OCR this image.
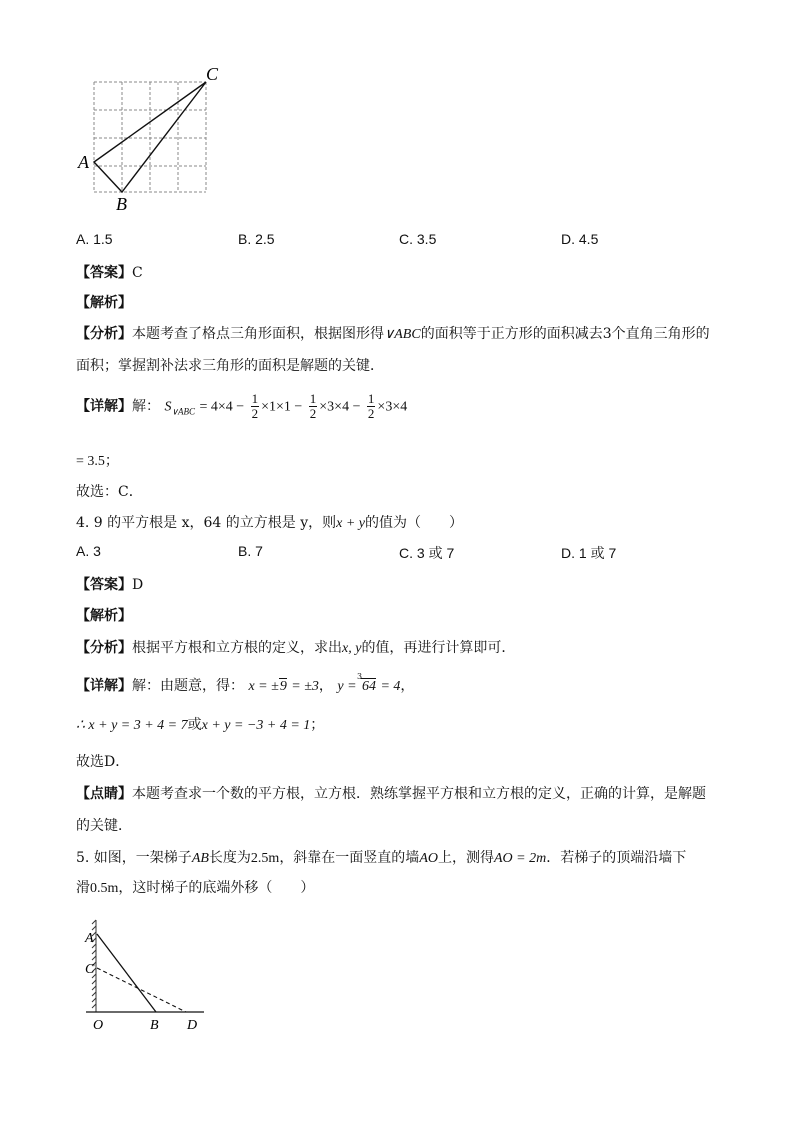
A
B
C
A. 1.5	B. 2.5	C. 3.5	D. 4.5
【答案】C
【解析】
【分析】本题考查了格点三角形面积，根据图形得∨ABC的面积等于正方形的面积减去3个直角三角形的
面积；掌握割补法求三角形的面积是解题的关键．
【详解】解： $S_{\vee ABC} = 4\times 4 - \frac{1}{2} \times 1\times 1 - \frac{1}{2} \times 3\times 4 - \frac{1}{2} \times 3\times 4$
= 3.5；
故选：C．
4. 9 的平方根是 x，64 的立方根是 y，则x + y的值为（　　）
A. 3	B. 7	C. 3 或 7	D. 1 或 7
【答案】D
【解析】
【分析】根据平方根和立方根的定义，求出x, y的值，再进行计算即可．
【详解】解：由题意，得： x = ±9 = ±3， y =
3
64 = 4，
∴ x + y = 3 + 4 = 7或x + y = −3 + 4 = 1；
故选D．
【点睛】本题考查求一个数的平方根，立方根．熟练掌握平方根和立方根的定义，正确的计算，是解题
的关键．
5. 如图，一架梯子AB长度为2.5m，斜靠在一面竖直的墙AO上，测得AO = 2m．若梯子的顶端沿墙下
滑0.5m，这时梯子的底端外移（　　）
A
C
O	B D
